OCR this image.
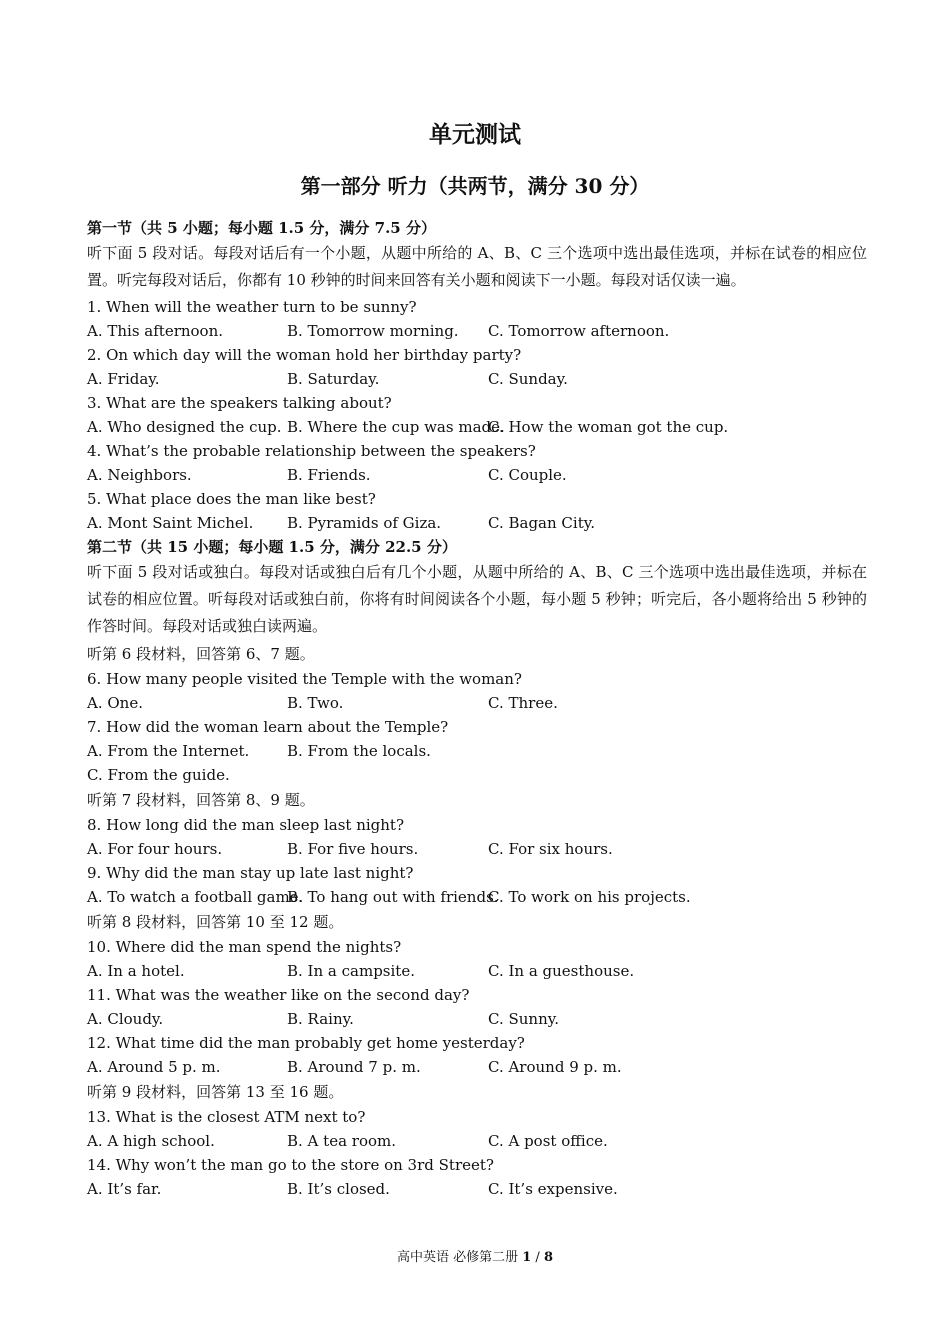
单元测试
第一部分 听力（共两节，满分 30 分）
第一节（共 5 小题；每小题 1.5 分，满分 7.5 分）
听下面 5 段对话。每段对话后有一个小题，从题中所给的 A、B、C 三个选项中选出最佳选项，并标在试卷的相应位置。听完每段对话后，你都有 10 秒钟的时间来回答有关小题和阅读下一小题。每段对话仅读一遍。
1. When will the weather turn to be sunny?
A. This afternoon.	B. Tomorrow morning. C. Tomorrow afternoon.
2. On which day will the woman hold her birthday party?
A. Friday.	B. Saturday.	C. Sunday.
3. What are the speakers talking about?
A. Who designed the cup. B. Where the cup was made.
C. How the woman got the cup.
4. What’s the probable relationship between the speakers?
A. Neighbors.	B. Friends.	C. Couple.
5. What place does the man like best?
A. Mont Saint Michel. B. Pyramids of Giza.	C. Bagan City.
第二节（共 15 小题；每小题 1.5 分，满分 22.5 分）
听下面 5 段对话或独白。每段对话或独白后有几个小题，从题中所给的 A、B、C 三个选项中选出最佳选项，并标在试卷的相应位置。听每段对话或独白前，你将有时间阅读各个小题，每小题 5 秒钟；听完后，各小题将给出 5 秒钟的作答时间。每段对话或独白读两遍。
听第 6 段材料，回答第 6、7 题。
6. How many people visited the Temple with the woman?
A. One.	B. Two.	C. Three.
7. How did the woman learn about the Temple?
A. From the Internet.	B. From the locals.
C. From the guide.
听第 7 段材料，回答第 8、9 题。
8. How long did the man sleep last night?
A. For four hours.	B. For five hours.	C. For six hours.
9. Why did the man stay up late last night?
A. To watch a football game.
B. To hang out with friends.
C. To work on his projects.
听第 8 段材料，回答第 10 至 12 题。
10. Where did the man spend the nights?
A. In a hotel.	B. In a campsite.	C. In a guesthouse.
11. What was the weather like on the second day?
A. Cloudy.	B. Rainy.	C. Sunny.
12. What time did the man probably get home yesterday?
A. Around 5 p. m.	B. Around 7 p. m.	C. Around 9 p. m.
听第 9 段材料，回答第 13 至 16 题。
13. What is the closest ATM next to?
A. A high school.	B. A tea room.	C. A post office.
14. Why won’t the man go to the store on 3rd Street?
A. It’s far.	B. It’s closed.	C. It’s expensive.
高中英语 必修第二册 1 / 8
